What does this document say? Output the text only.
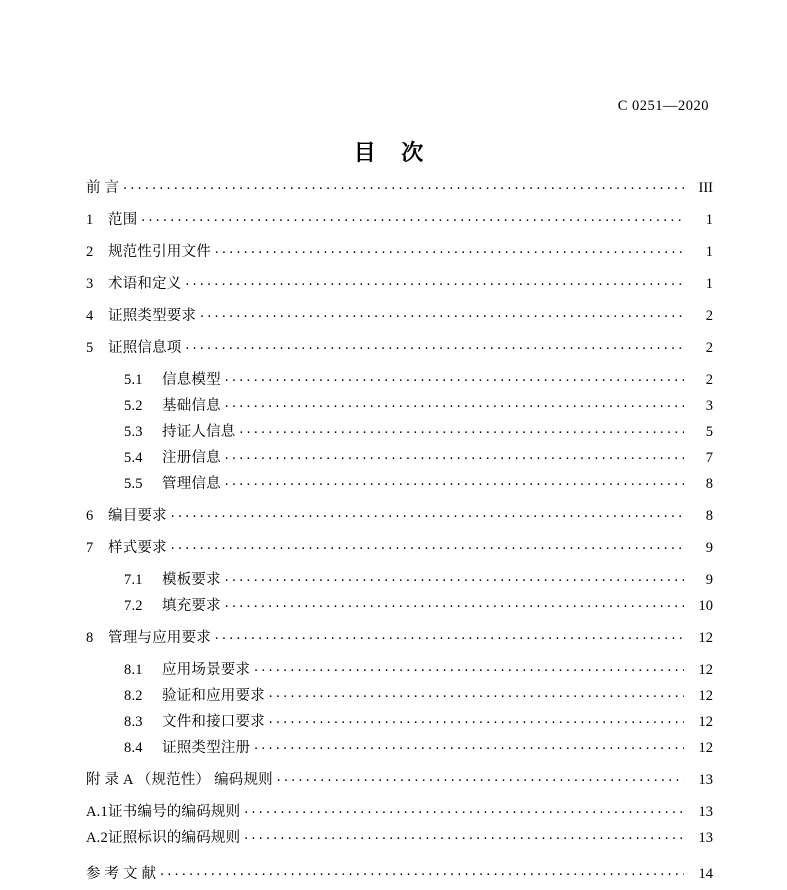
C 0251—2020
目 次
前 言 . . .	III
1 范围 . . .	1
2 规范性引用文件 . . .	1
3 术语和定义 . . .	1
4 证照类型要求 . . .	2
5 证照信息项 . . .	2
5.1 信息模型 . . .	2
5.2 基础信息 . . .	3
5.3 持证人信息 . . .	5
5.4 注册信息 . . .	7
5.5 管理信息 . . .	8
6 编目要求 . . .	8
7 样式要求 . . .	9
7.1 模板要求 . . .	9
7.2 填充要求 . . .	10
8 管理与应用要求 . . .	12
8.1 应用场景要求 . . .	12
8.2 验证和应用要求 . . .	12
8.3 文件和接口要求 . . .	12
8.4 证照类型注册 . . .	12
附 录 A （规范性） 编码规则 . . .	13
A.1证书编号的编码规则 . . .	13
A.2证照标识的编码规则 . . .	13
参 考 文 献 . . .	14
